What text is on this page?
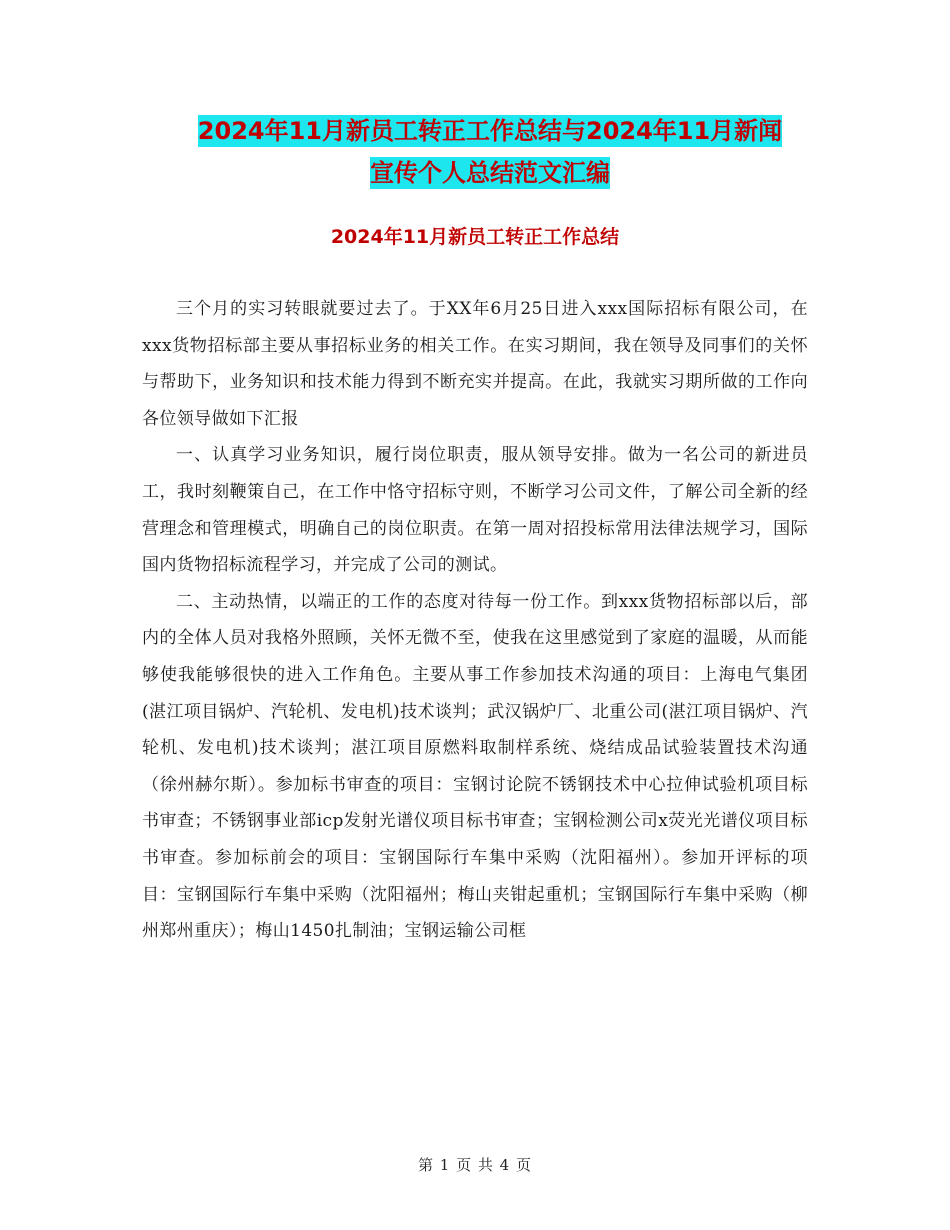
2024年11月新员工转正工作总结与2024年11月新闻
宣传个人总结范文汇编
2024年11月新员工转正工作总结

三个月的实习转眼就要过去了。于XX年6月25日进入xxx国际招标有限公司，在xxx货物招标部主要从事招标业务的相关工作。在实习期间，我在领导及同事们的关怀与帮助下，业务知识和技术能力得到不断充实并提高。在此，我就实习期所做的工作向各位领导做如下汇报

一、认真学习业务知识，履行岗位职责，服从领导安排。做为一名公司的新进员工，我时刻鞭策自己，在工作中恪守招标守则，不断学习公司文件，了解公司全新的经营理念和管理模式，明确自己的岗位职责。在第一周对招投标常用法律法规学习，国际国内货物招标流程学习，并完成了公司的测试。

二、主动热情，以端正的工作的态度对待每一份工作。到xxx货物招标部以后，部内的全体人员对我格外照顾，关怀无微不至，使我在这里感觉到了家庭的温暖，从而能够使我能够很快的进入工作角色。主要从事工作参加技术沟通的项目：上海电气集团(湛江项目锅炉、汽轮机、发电机)技术谈判；武汉锅炉厂、北重公司(湛江项目锅炉、汽轮机、发电机)技术谈判；湛江项目原燃料取制样系统、烧结成品试验装置技术沟通（徐州赫尔斯）。参加标书审查的项目：宝钢讨论院不锈钢技术中心拉伸试验机项目标书审查；不锈钢事业部icp发射光谱仪项目标书审查；宝钢检测公司x荧光光谱仪项目标书审查。参加标前会的项目：宝钢国际行车集中采购（沈阳福州）。参加开评标的项目：宝钢国际行车集中采购（沈阳福州；梅山夹钳起重机；宝钢国际行车集中采购（柳州郑州重庆）；梅山1450扎制油；宝钢运输公司框

第 1 页 共 4 页
